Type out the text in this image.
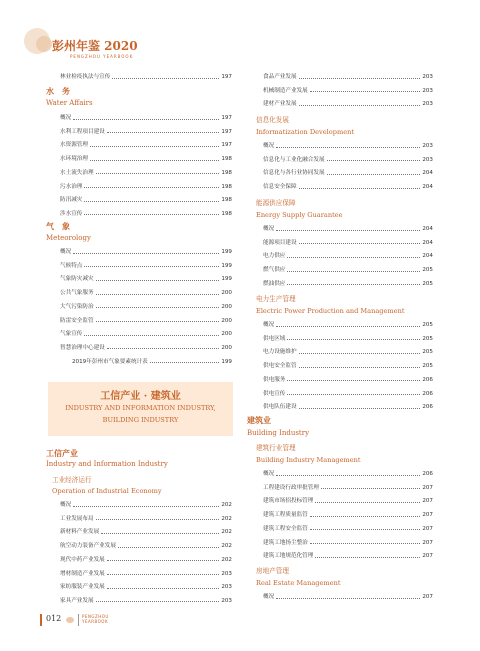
彭州年鉴 2020
PENGZHOU YEARBOOK
林业检疫执法与宣传	197
水　务
Water Affairs
概况	197
水利工程项目建设	197
水资源管理	197
水环境治理	198
水土流失治理	198
污水治理	198
防汛减灾	198
涉水宣传	198
气　象
Meteorology
概况	199
气候特点	199
气象防灾减灾	199
公共气象服务	200
大气污染防治	200
防雷安全监管	200
气象宣传	200
智慧治理中心建设	200
2019年彭州市气象要素统计表	199
工信产业
Industry and Information Industry
工业经济运行
Operation of Industrial Economy
概况	202
工业发展布局	202
新材料产业发展	202
航空动力装备产业发展	202
现代中药产业发展	202
增材制造产业发展	203
家纺服装产业发展	203
家具产业发展	203
食品产业发展	203
机械制造产业发展	203
建材产业发展	203
信息化发展
Informatization Development
概况	203
信息化与工业化融合发展	203
信息化与各行业协同发展	204
信息安全保障	204
能源供应保障
Energy Supply Guarantee
概况	204
能源项目建设	204
电力供应	204
燃气供应	205
燃油供应	205
电力生产管理
Electric Power Production and Management
概况	205
供电区域	205
电力设施维护	205
供电安全监管	205
供电服务	206
供电宣传	206
供电队伍建设	206
建筑业
Building Industry
建筑行业管理
Building Industry Management
概况	206
工程建设行政审批管理	207
建筑市场招投标管理	207
建筑工程质量监管	207
建筑工程安全监管	207
建筑工地扬尘整治	207
建筑工地规范化管理	207
房地产管理
Real Estate Management
概况	207
工信产业 · 建筑业
INDUSTRY AND INFORMATION INDUSTRY,
BUILDING INDUSTRY
012	PENGZHOU
YEARBOOK
